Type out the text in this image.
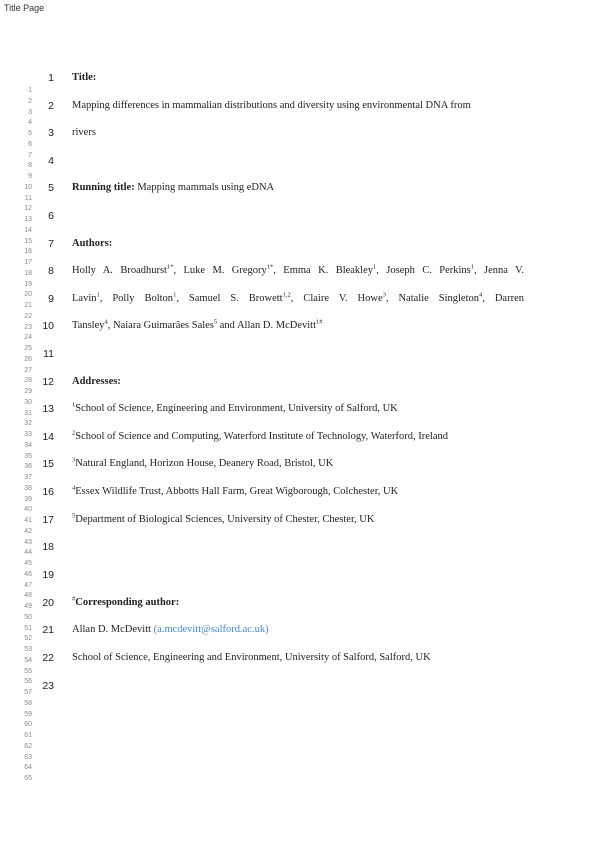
Title Page
1
2
3
4
5
6
7
8
9
10
11
12
13
14
15
16
17
18
19
20
21
22
23
24
25
26
27
28
29
30
31
32
33
34
35
36
37
38
39
40
41
42
43
44
45
46
47
48
49
50
51
52
53
54
55
56
57
58
59
60
61
62
63
64
65
1 Title:
2 Mapping differences in mammalian distributions and diversity using environmental DNA from
3 rivers
4
5 Running title: Mapping mammals using eDNA
6
7 Authors:
8 Holly A. Broadhurst$^{1*}$, Luke M. Gregory$^{1*}$, Emma K. Bleakley$^1$, Joseph C. Perkins$^1$, Jenna V.
9 Lavin$^1$, Polly Bolton$^1$, Samuel S. Browett$^{1,2}$, Claire V. Howe$^3$, Natalie Singleton$^4$, Darren
10 Tansley$^4$, Naiara Guimarães Sales$^5$ and Allan D. McDevitt$^{1\#}$
11
12 Addresses:
13	$^1$School of Science, Engineering and Environment, University of Salford, UK
14	$^2$School of Science and Computing, Waterford Institute of Technology, Waterford, Ireland
15	$^3$Natural England, Horizon House, Deanery Road, Bristol, UK
16	$^4$Essex Wildlife Trust, Abbotts Hall Farm, Great Wigborough, Colchester, UK
17	$^5$Department of Biological Sciences, University of Chester, Chester, UK
18
19
20	#Corresponding author:
21 Allan D. McDevitt (a.mcdevitt@salford.ac.uk)
22 School of Science, Engineering and Environment, University of Salford, Salford, UK
23
